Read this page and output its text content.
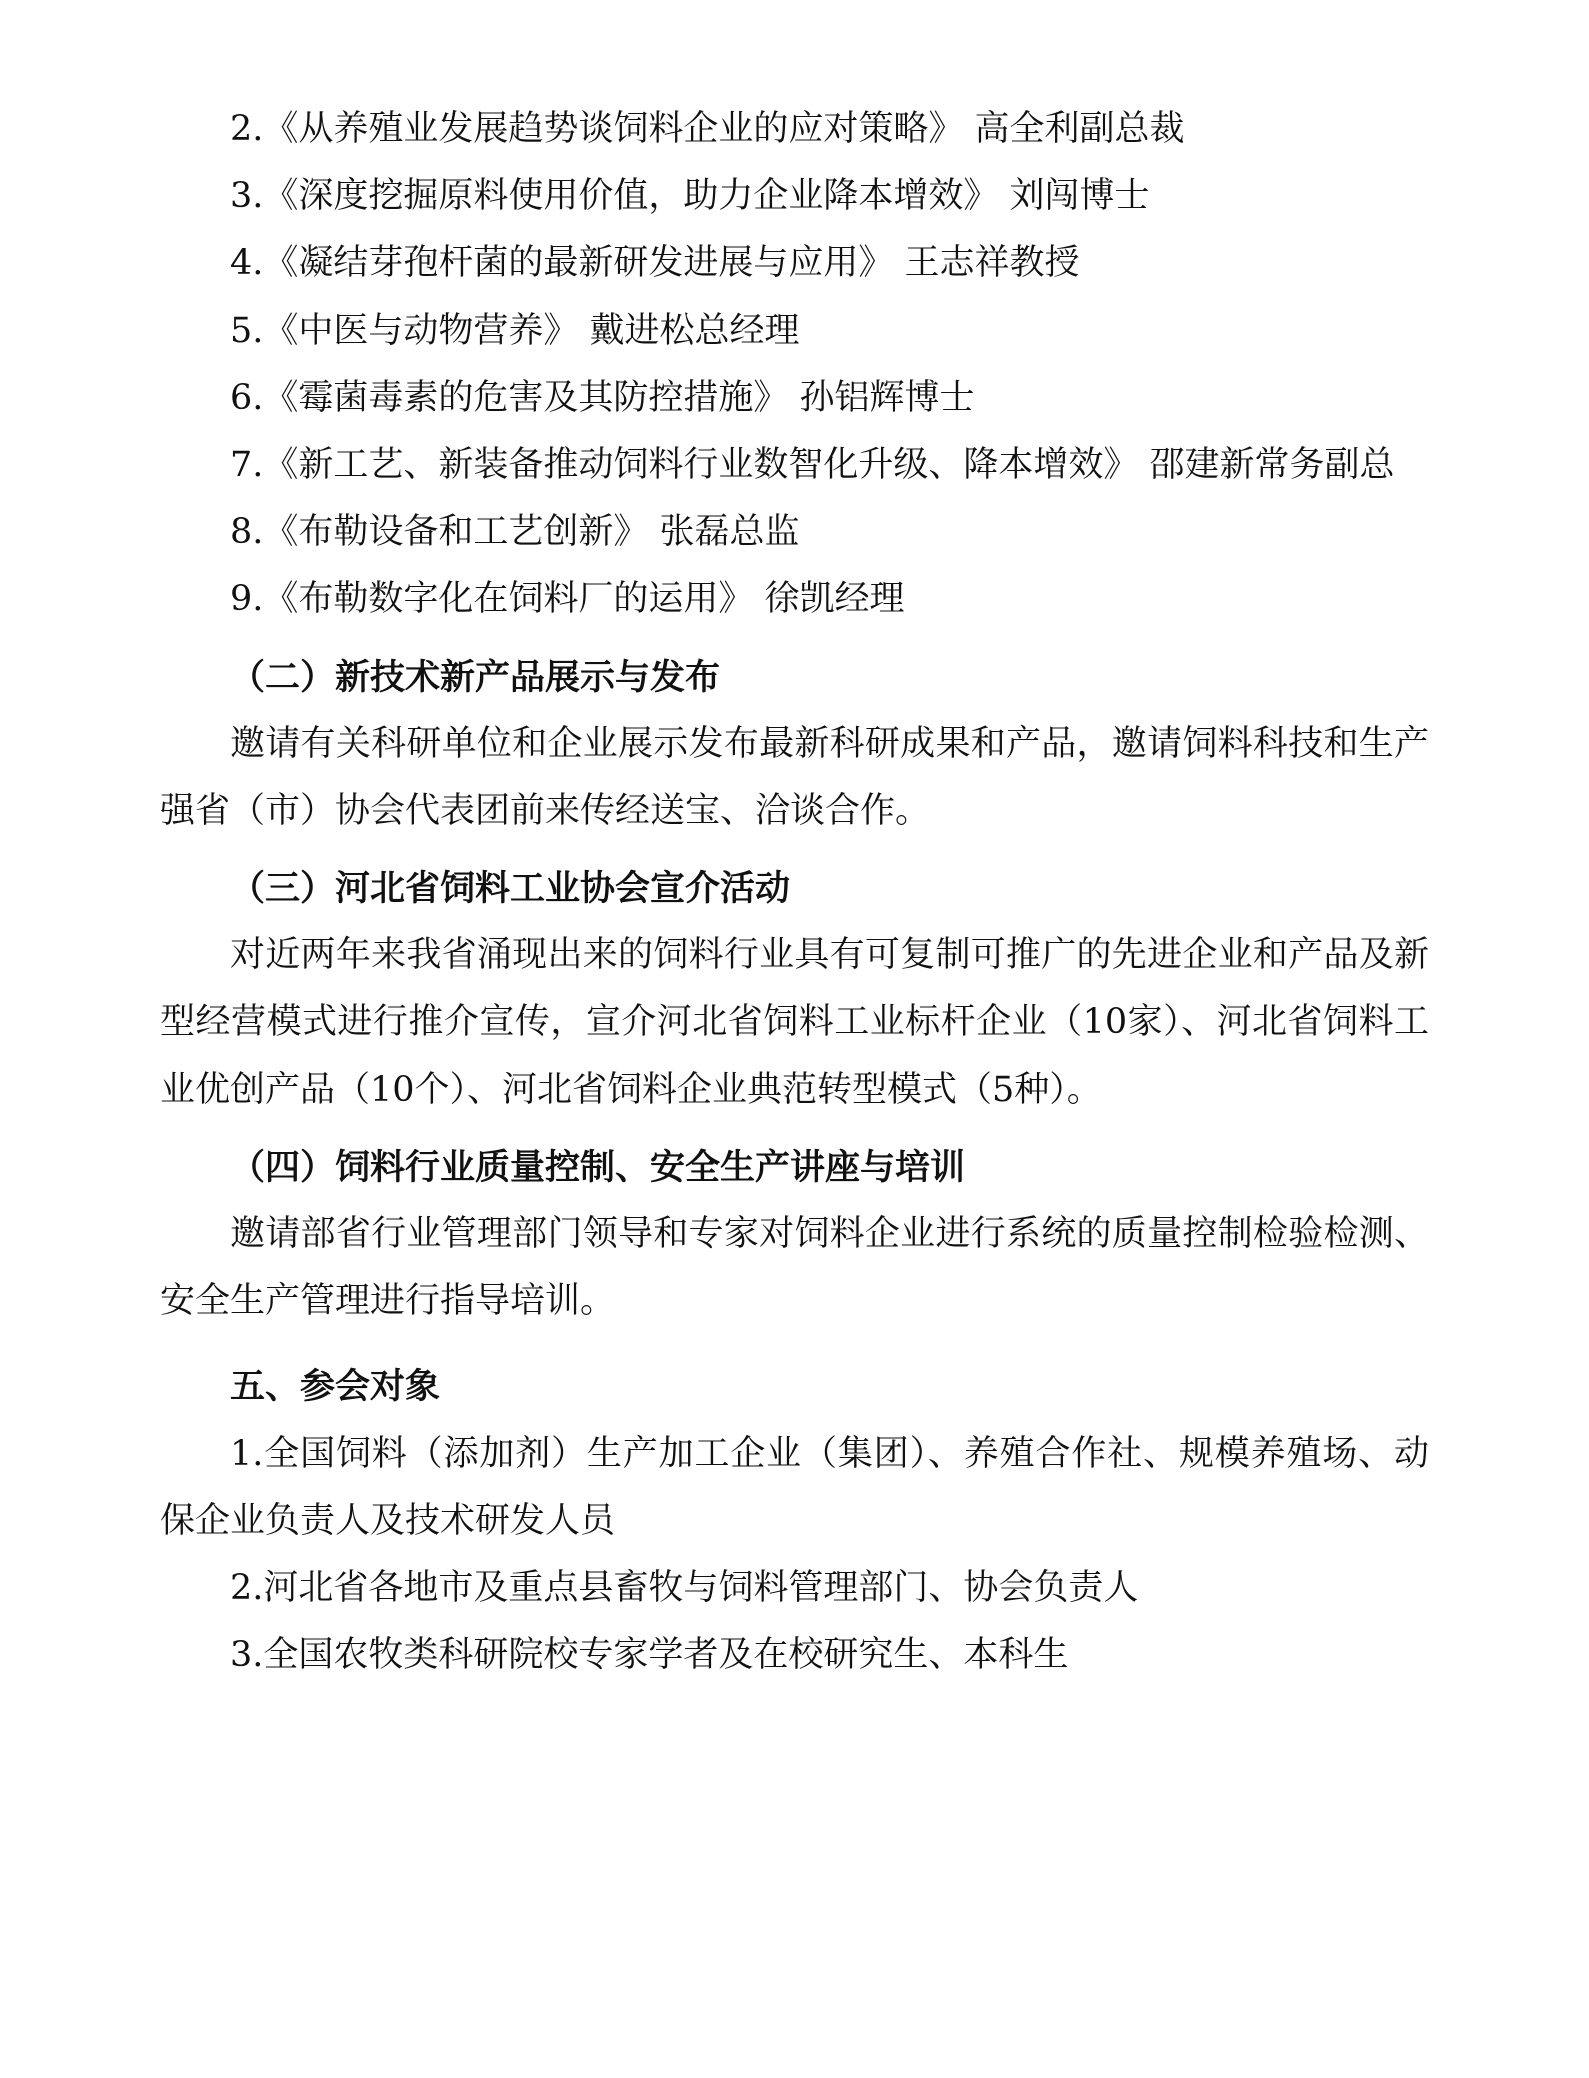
2.《从养殖业发展趋势谈饲料企业的应对策略》 高全利副总裁

3.《深度挖掘原料使用价值，助力企业降本增效》 刘闯博士

4.《凝结芽孢杆菌的最新研发进展与应用》 王志祥教授

5.《中医与动物营养》 戴进松总经理

6.《霉菌毒素的危害及其防控措施》 孙铝辉博士

7.《新工艺、新装备推动饲料行业数智化升级、降本增效》 邵建新常务副总

8.《布勒设备和工艺创新》 张磊总监

9.《布勒数字化在饲料厂的运用》 徐凯经理

（二）新技术新产品展示与发布

邀请有关科研单位和企业展示发布最新科研成果和产品，邀请饲料科技和生产强省（市）协会代表团前来传经送宝、洽谈合作。

（三）河北省饲料工业协会宣介活动

对近两年来我省涌现出来的饲料行业具有可复制可推广的先进企业和产品及新型经营模式进行推介宣传，宣介河北省饲料工业标杆企业（10家）、河北省饲料工业优创产品（10个）、河北省饲料企业典范转型模式（5种）。

（四）饲料行业质量控制、安全生产讲座与培训

邀请部省行业管理部门领导和专家对饲料企业进行系统的质量控制检验检测、安全生产管理进行指导培训。

五、参会对象

1.全国饲料（添加剂）生产加工企业（集团）、养殖合作社、规模养殖场、动保企业负责人及技术研发人员

2.河北省各地市及重点县畜牧与饲料管理部门、协会负责人

3.全国农牧类科研院校专家学者及在校研究生、本科生
